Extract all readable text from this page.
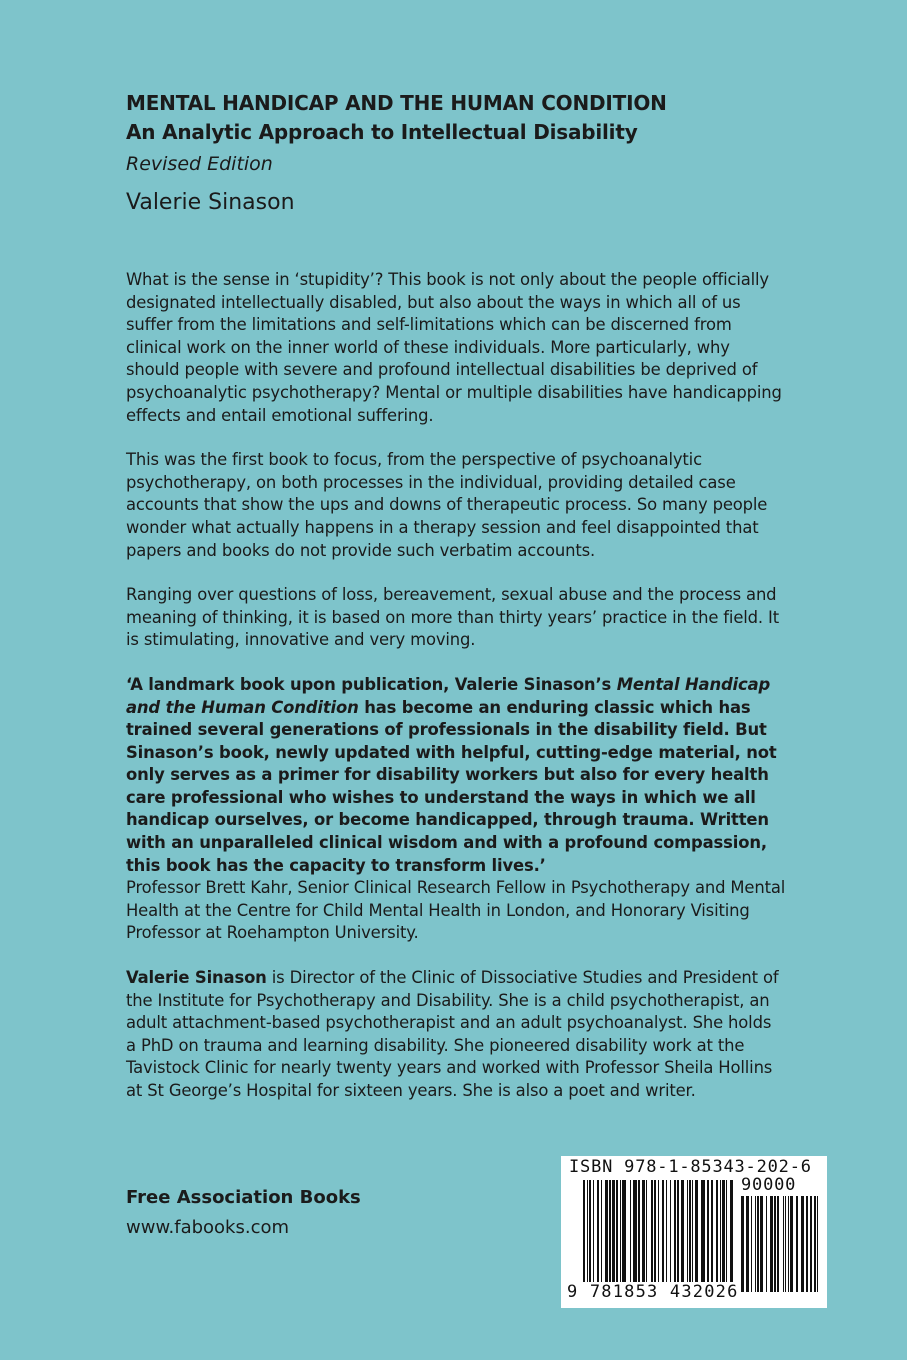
MENTAL HANDICAP AND THE HUMAN CONDITION
An Analytic Approach to Intellectual Disability

Revised Edition

Valerie Sinason

What is the sense in ‘stupidity’? This book is not only about the people officially designated intellectually disabled, but also about the ways in which all of us suffer from the limitations and self-limitations which can be discerned from clinical work on the inner world of these individuals. More particularly, why should people with severe and profound intellectual disabilities be deprived of psychoanalytic psychotherapy? Mental or multiple disabilities have handicapping effects and entail emotional suffering.

This was the first book to focus, from the perspective of psychoanalytic psychotherapy, on both processes in the individual, providing detailed case accounts that show the ups and downs of therapeutic process. So many people wonder what actually happens in a therapy session and feel disappointed that papers and books do not provide such verbatim accounts.

Ranging over questions of loss, bereavement, sexual abuse and the process and meaning of thinking, it is based on more than thirty years’ practice in the field. It is stimulating, innovative and very moving.

‘A landmark book upon publication, Valerie Sinason’s Mental Handicap and the Human Condition has become an enduring classic which has trained several generations of professionals in the disability field. But Sinason’s book, newly updated with helpful, cutting-edge material, not only serves as a primer for disability workers but also for every health care professional who wishes to understand the ways in which we all handicap ourselves, or become handicapped, through trauma. Written with an unparalleled clinical wisdom and with a profound compassion, this book has the capacity to transform lives.’
Professor Brett Kahr, Senior Clinical Research Fellow in Psychotherapy and Mental Health at the Centre for Child Mental Health in London, and Honorary Visiting Professor at Roehampton University.

Valerie Sinason is Director of the Clinic of Dissociative Studies and President of the Institute for Psychotherapy and Disability. She is a child psychotherapist, an adult attachment-based psychotherapist and an adult psychoanalyst. She holds a PhD on trauma and learning disability. She pioneered disability work at the Tavistock Clinic for nearly twenty years and worked with Professor Sheila Hollins at St George’s Hospital for sixteen years. She is also a poet and writer.

Free Association Books

www.fabooks.com

ISBN 978-1-85343-202-6
90000
9 781853 432026
